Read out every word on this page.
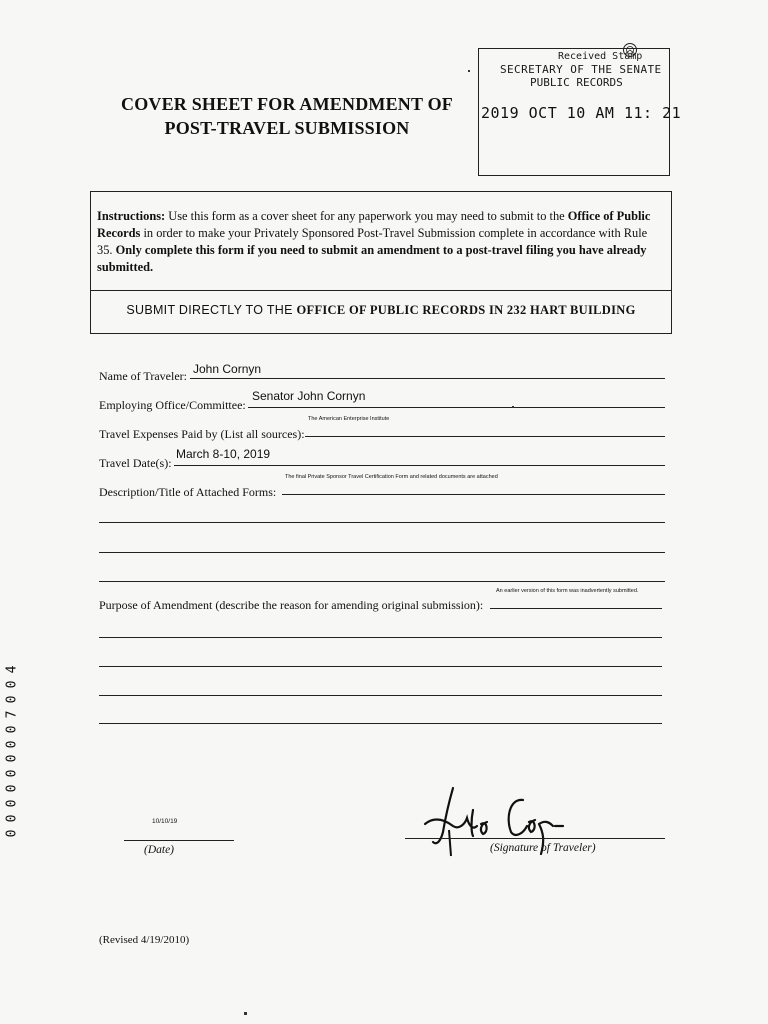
COVER SHEET FOR AMENDMENT OF
POST-TRAVEL SUBMISSION
Received Stamp
SECRETARY OF THE SENATE
PUBLIC RECORDS
2019 OCT 10 AM 11: 21
Instructions: Use this form as a cover sheet for any paperwork you may need to submit to the Office of Public Records in order to make your Privately Sponsored Post-Travel Submission complete in accordance with Rule 35. Only complete this form if you need to submit an amendment to a post-travel filing you have already submitted.
SUBMIT DIRECTLY TO THE OFFICE OF PUBLIC RECORDS IN 232 HART BUILDING
Name of Traveler: John Cornyn
Employing Office/Committee:
Senator John Cornyn
The American Enterprise Institute
Travel Expenses Paid by (List all sources):
Travel Date(s):
March 8-10, 2019
The final Private Sponsor Travel Certification Form and related documents are attached
Description/Title of Attached Forms:
An earlier version of this form was inadvertently submitted.
Purpose of Amendment (describe the reason for amending original submission):
10/10/19
(Date)	(Signature of Traveler)
(Revised 4/19/2010)
4
0
0
7
0
0
0
0
0
0
0
0
